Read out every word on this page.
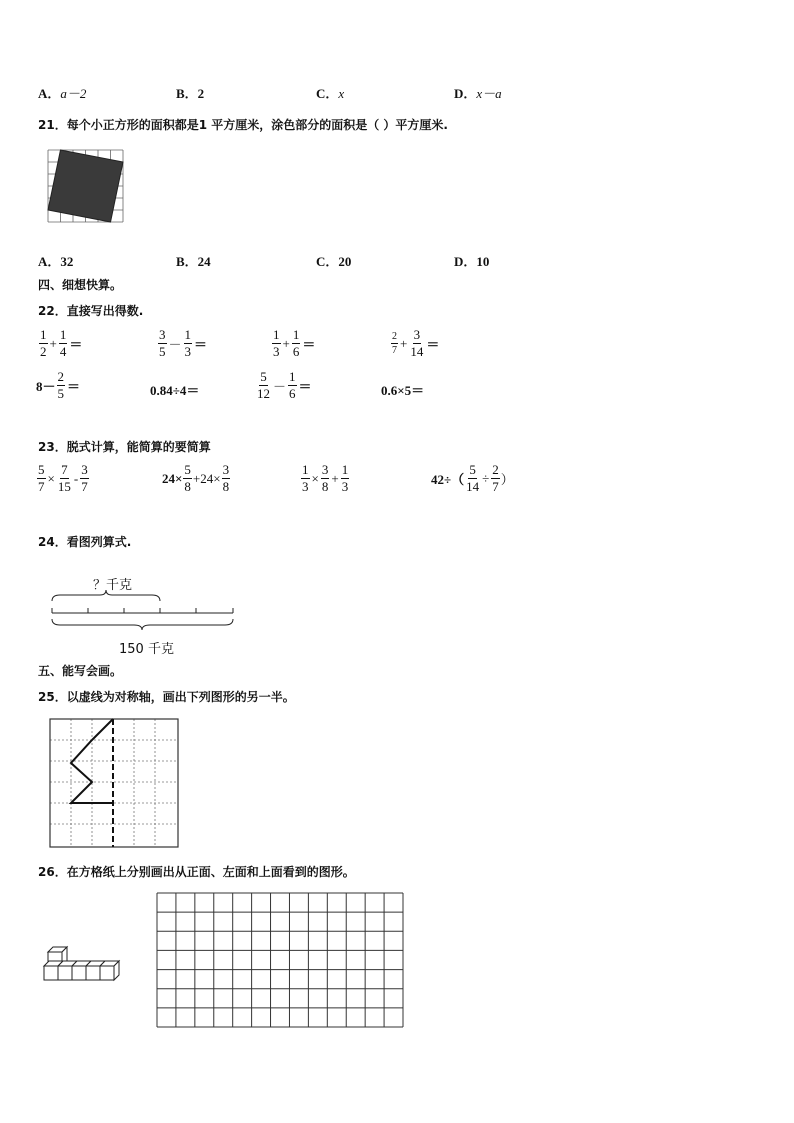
A．a－2	B．2	C．x	D．x－a
21．每个小正方形的面积都是1 平方厘米，涂色部分的面积是（ ）平方厘米.
A．32	B．24	C．20	D．10
四、细想快算。
22．直接写出得数.
$\frac{1}{2} + \frac{1}{4}$ ＝	$\frac{3}{5} - \frac{1}{3}$ ＝	$\frac{1}{3} + \frac{1}{6}$ ＝	$\frac{2}{7} + \frac{3}{14}$ ＝
$8- \frac{2}{5}$ ＝	0.84÷4＝	$\frac{5}{12} - \frac{1}{6}$ ＝	0.6×5＝
23．脱式计算，能简算的要简算
$\frac{5}{7} \times \frac{7}{15} - \frac{3}{7}$	$24\times \frac{5}{8} +24\times \frac{3}{8}$	$\frac{1}{3} \times \frac{3}{8} + \frac{1}{3}$	$42\div( \frac{5}{14} \div \frac{2}{7}$ ）
24．看图列算式.
？千克
150 千克
五、能写会画。
25．以虚线为对称轴，画出下列图形的另一半。
26．在方格纸上分别画出从正面、左面和上面看到的图形。
